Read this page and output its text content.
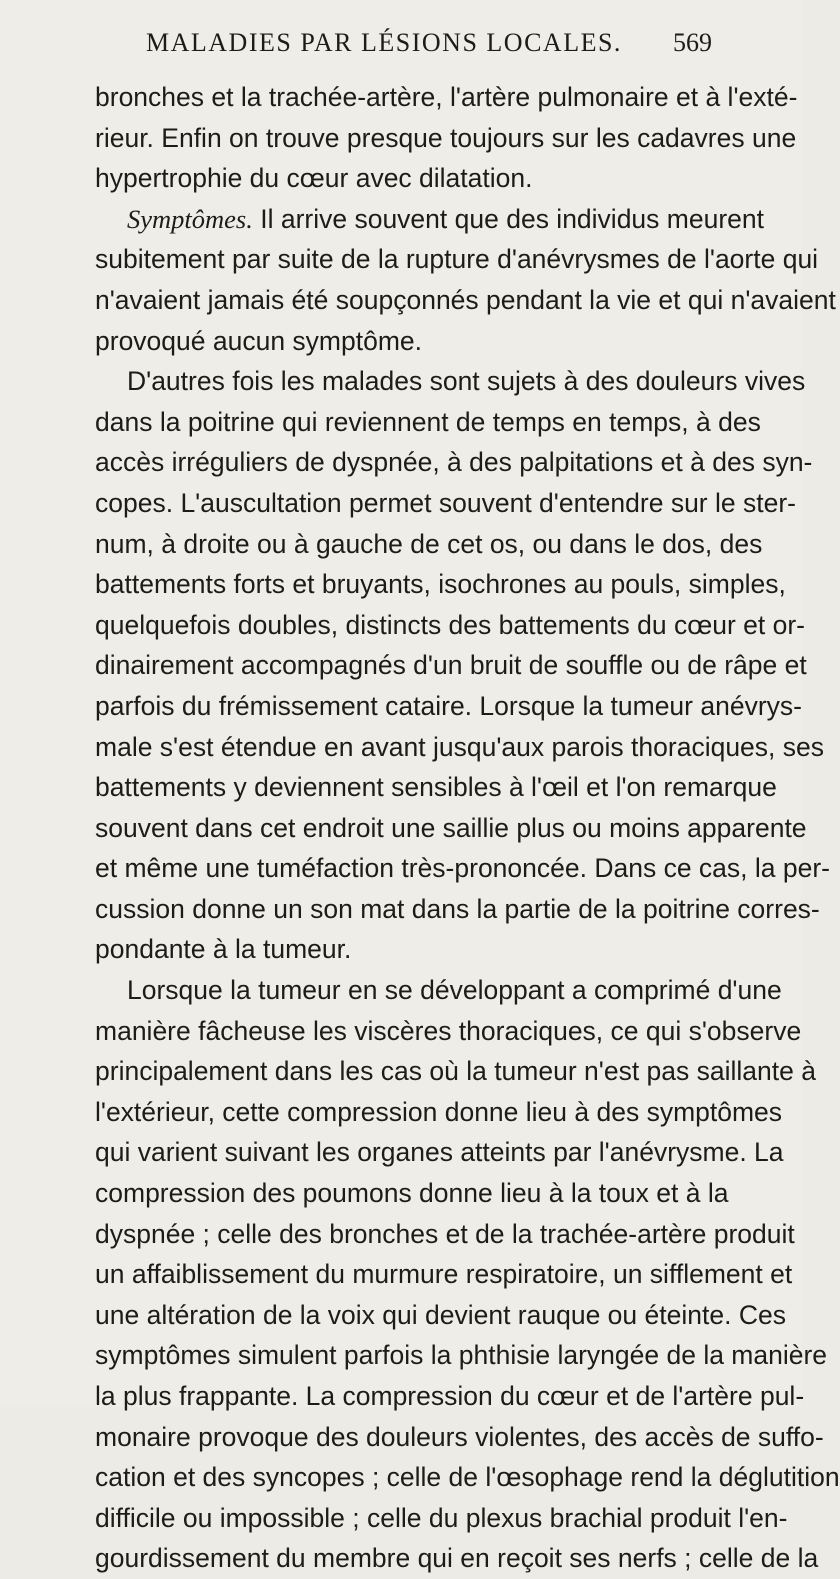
MALADIES PAR LÉSIONS LOCALES. 569
bronches et la trachée-artère, l'artère pulmonaire et à l'exté-
rieur. Enfin on trouve presque toujours sur les cadavres une
hypertrophie du cœur avec dilatation.
Symptômes. Il arrive souvent que des individus meurent
subitement par suite de la rupture d'anévrysmes de l'aorte qui
n'avaient jamais été soupçonnés pendant la vie et qui n'avaient
provoqué aucun symptôme.
D'autres fois les malades sont sujets à des douleurs vives
dans la poitrine qui reviennent de temps en temps, à des
accès irréguliers de dyspnée, à des palpitations et à des syn-
copes. L'auscultation permet souvent d'entendre sur le ster-
num, à droite ou à gauche de cet os, ou dans le dos, des
battements forts et bruyants, isochrones au pouls, simples,
quelquefois doubles, distincts des battements du cœur et or-
dinairement accompagnés d'un bruit de souffle ou de râpe et
parfois du frémissement cataire. Lorsque la tumeur anévrys-
male s'est étendue en avant jusqu'aux parois thoraciques, ses
battements y deviennent sensibles à l'œil et l'on remarque
souvent dans cet endroit une saillie plus ou moins apparente
et même une tuméfaction très-prononcée. Dans ce cas, la per-
cussion donne un son mat dans la partie de la poitrine corres-
pondante à la tumeur.
Lorsque la tumeur en se développant a comprimé d'une
manière fâcheuse les viscères thoraciques, ce qui s'observe
principalement dans les cas où la tumeur n'est pas saillante à
l'extérieur, cette compression donne lieu à des symptômes
qui varient suivant les organes atteints par l'anévrysme. La
compression des poumons donne lieu à la toux et à la
dyspnée ; celle des bronches et de la trachée-artère produit
un affaiblissement du murmure respiratoire, un sifflement et
une altération de la voix qui devient rauque ou éteinte. Ces
symptômes simulent parfois la phthisie laryngée de la manière
la plus frappante. La compression du cœur et de l'artère pul-
monaire provoque des douleurs violentes, des accès de suffo-
cation et des syncopes ; celle de l'œsophage rend la déglutition
difficile ou impossible ; celle du plexus brachial produit l'en-
gourdissement du membre qui en reçoit ses nerfs ; celle de la
